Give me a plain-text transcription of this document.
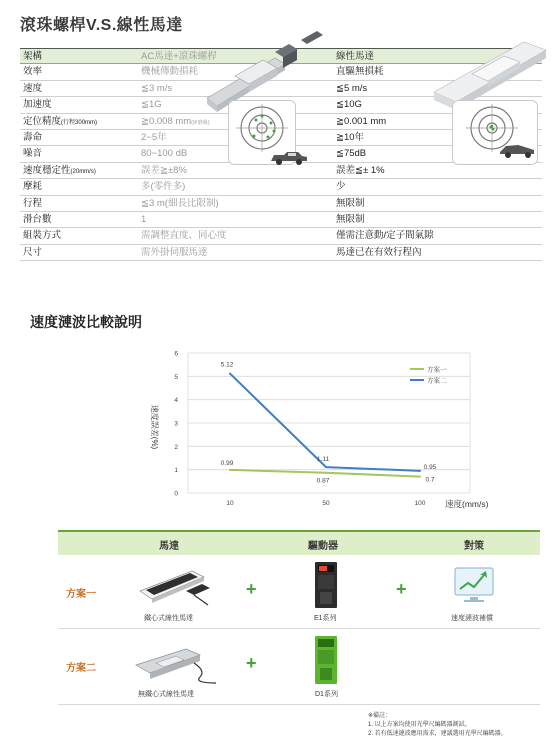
滾珠螺桿V.S.線性馬達
架構	AC馬達+滾珠螺桿	線性馬達
效率	機械傳動損耗	直驅無損耗
速度	≦3 m/s	≦5 m/s
加速度	≦1G	≦10G
定位精度(行程300mm)	≧0.008 mm(研磨級)	≧0.001 mm
壽命	2~5年	≧10年
噪音	80~100 dB	≦75dB
速度穩定性(20mm/s)	誤差≧±8%	誤差≦± 1%
摩耗	多(零件多)	少
行程	≦3 m(細長比限制)	無限制
滑台數	1	無限制
組裝方式	需調整直度、同心度	僅需注意動/定子間氣隙
尺寸	需外掛伺服馬達	馬達已在有效行程內
速度漣波比較說明
0
1
2
3
4
5
6
10	50	100 速度(mm/s)
速度誤差(%)
0.99
0.87	0.7
5.12
1.11
0.95
方案一
方案二
馬達	驅動器	對策
方案一
鐵心式線性馬達
+
E1系列
+
速度漣波補償
方案二
無鐵心式線性馬達
+
D1系列
※備註：
1. 以上方案均使用光學尺編碼器測試。
2. 若有低速漣波應用需求，建議選用光學尺編碼器。
